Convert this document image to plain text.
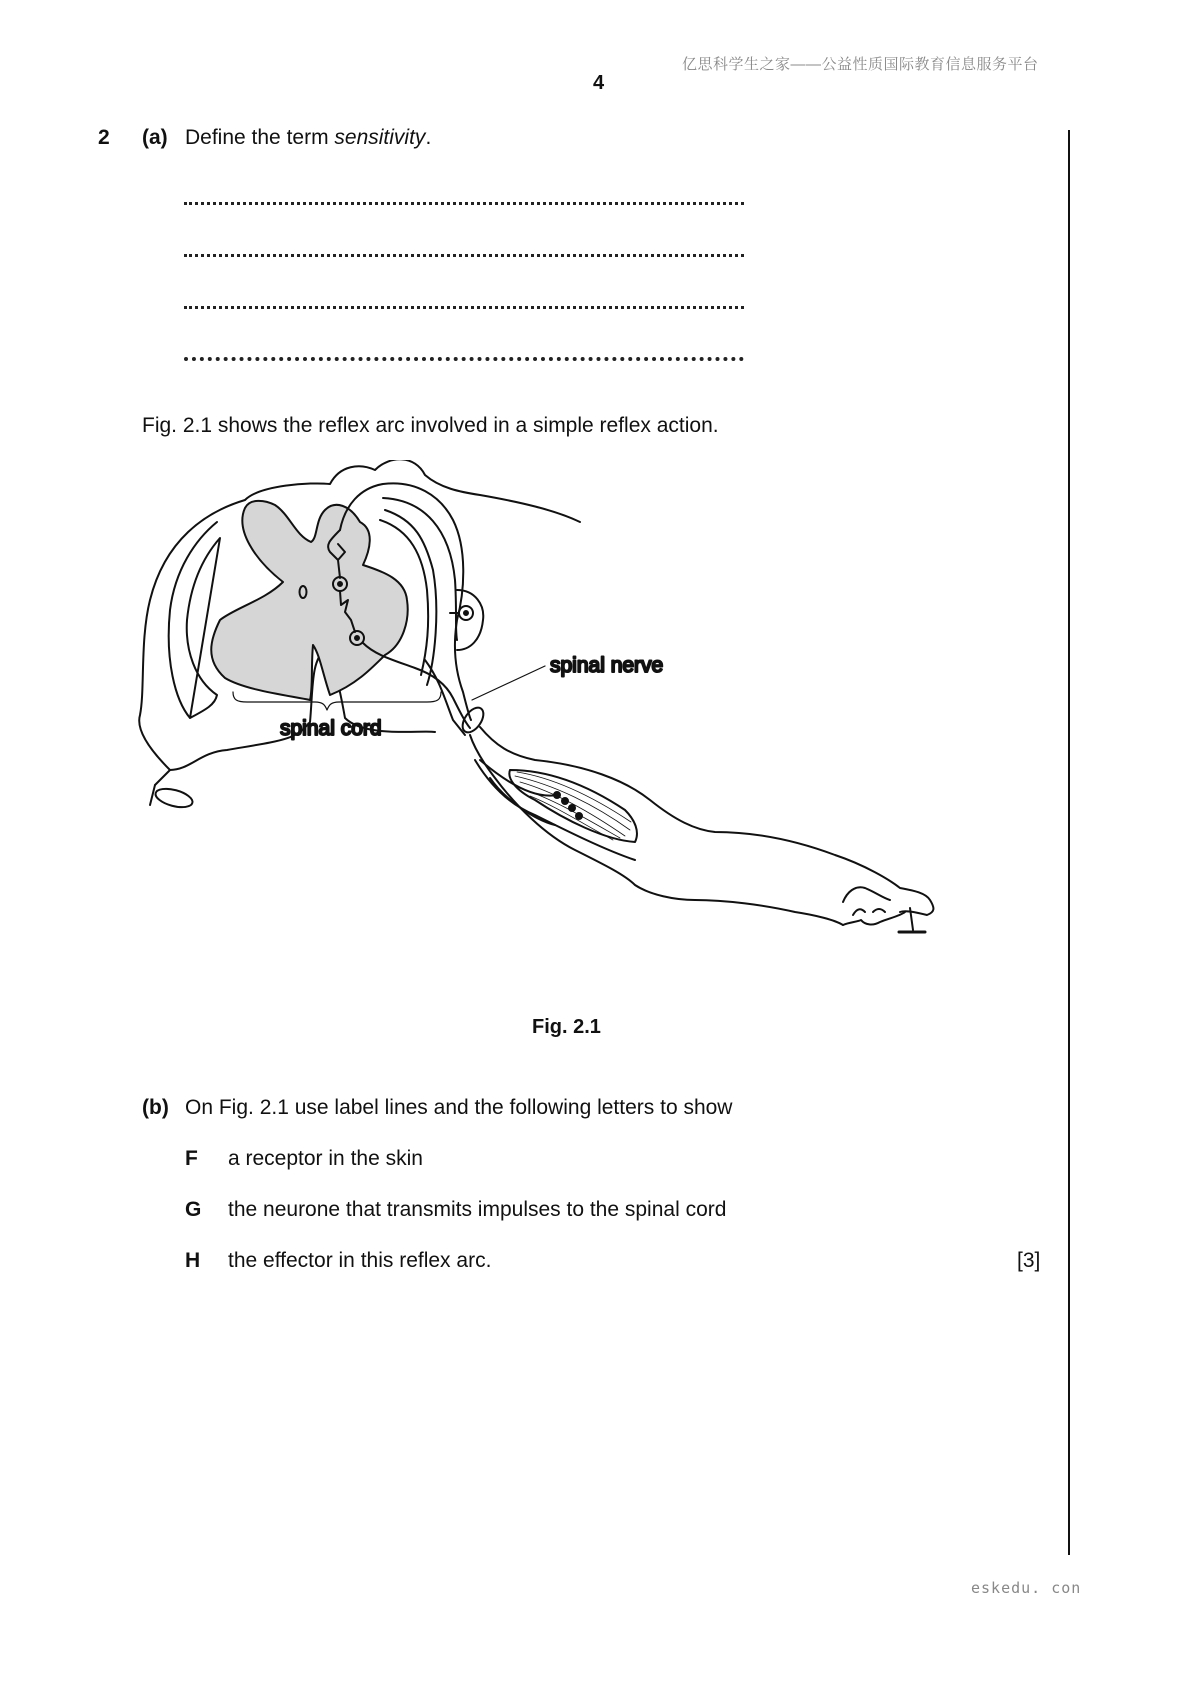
亿思科学生之家——公益性质国际教育信息服务平台
4
2 (a) Define the term sensitivity.
Fig. 2.1 shows the reflex arc involved in a simple reflex action.
spinal nerve
spinal cord
Fig. 2.1
(b) On Fig. 2.1 use label lines and the following letters to show
F a receptor in the skin
G the neurone that transmits impulses to the spinal cord
H the effector in this reflex arc.	[3]
eskedu. con
